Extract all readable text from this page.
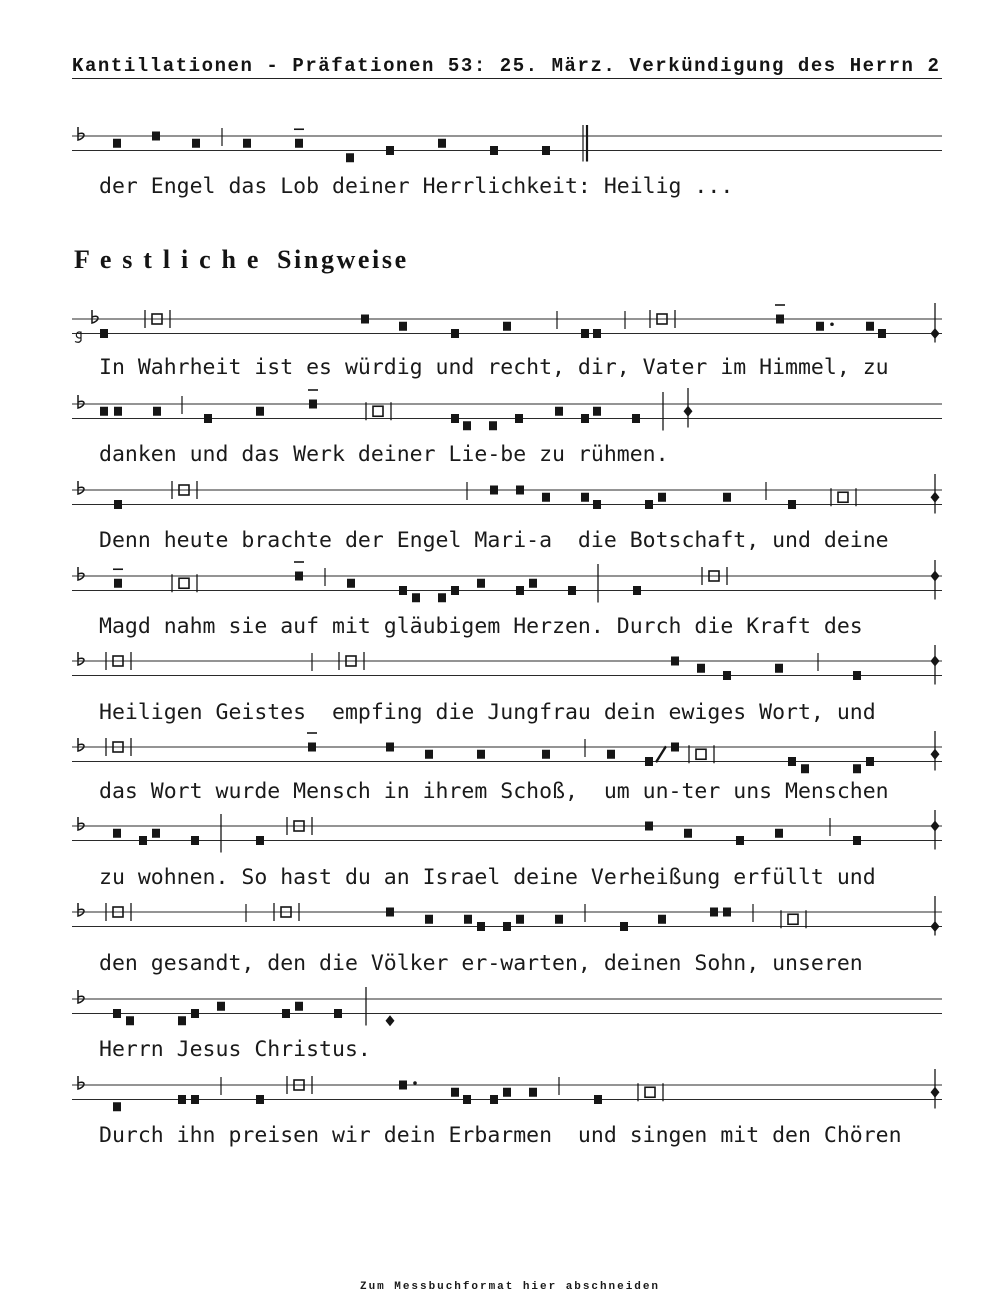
Kantillationen - Präfationen 53: 25. März. Verkündigung des Herrn 2
der Engel das Lob deiner Herrlichkeit: Heilig ...
F e s t l i c h e Singweise
In Wahrheit ist es würdig und recht, dir, Vater im Himmel, zu
danken und das Werk deiner Lie-be zu rühmen.
Denn heute brachte der Engel Mari-a  die Botschaft, und deine
Magd nahm sie auf mit gläubigem Herzen. Durch die Kraft des
Heiligen Geistes  empfing die Jungfrau dein ewiges Wort, und
das Wort wurde Mensch in ihrem Schoß,  um un-ter uns Menschen
zu wohnen. So hast du an Israel deine Verheißung erfüllt und
den gesandt, den die Völker er-warten, deinen Sohn, unseren
Herrn Jesus Christus.
Durch ihn preisen wir dein Erbarmen  und singen mit den Chören
Zum Messbuchformat hier abschneiden
